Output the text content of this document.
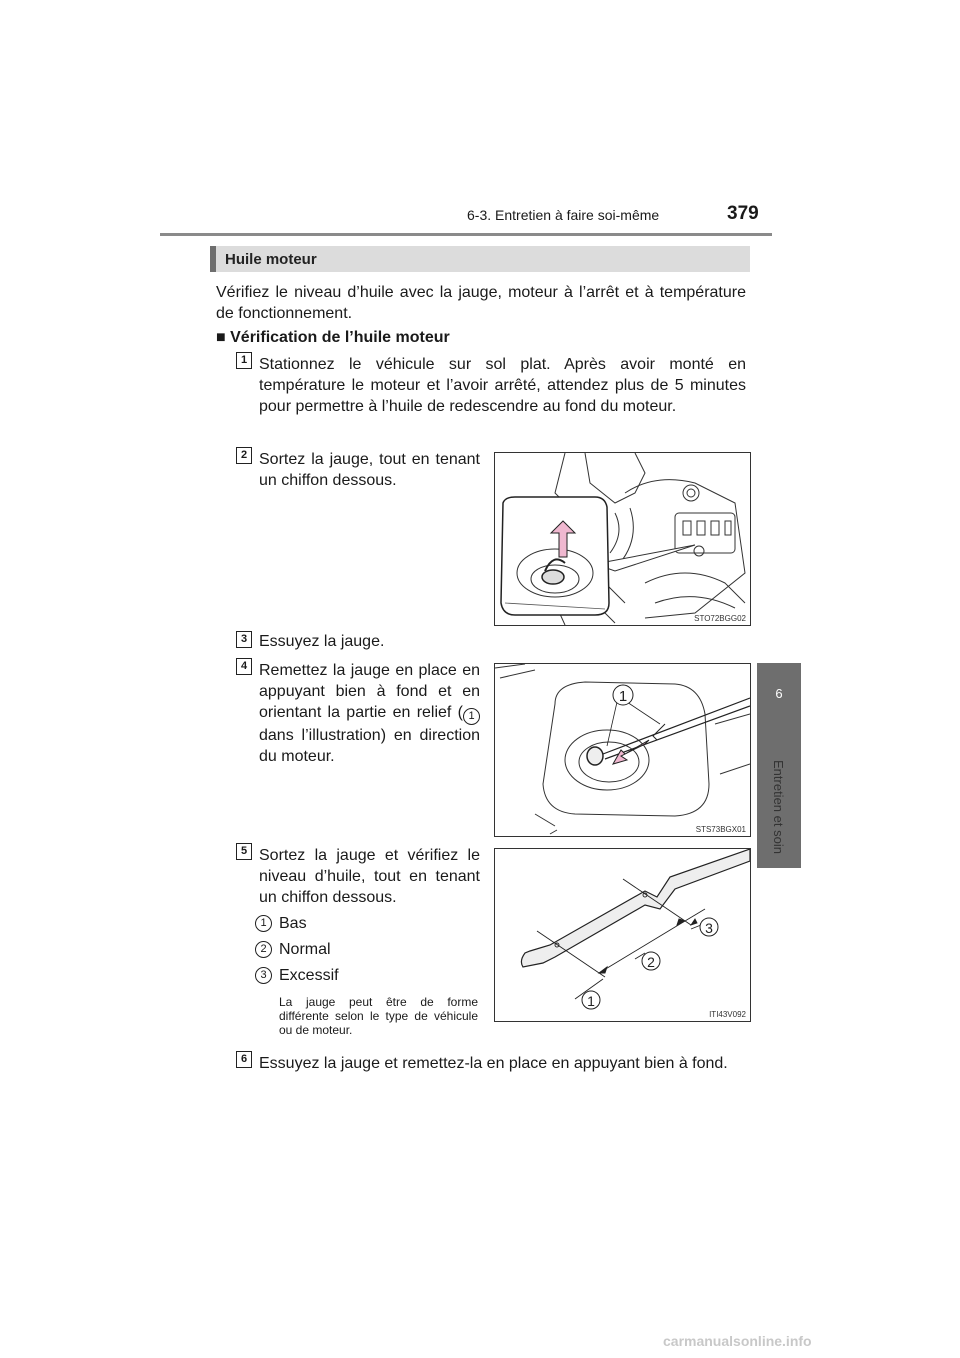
6-3. Entretien à faire soi-même	379
6
Entretien et soin
Huile moteur
Vérifiez le niveau d’huile avec la jauge, moteur à l’arrêt et à température de fonctionnement.
■ Vérification de l’huile moteur
1 Stationnez le véhicule sur sol plat. Après avoir monté en température le moteur et l’avoir arrêté, attendez plus de 5 minutes pour permettre à l’huile de redescendre au fond du moteur.
2 Sortez la jauge, tout en tenant un chiffon dessous.
STO72BGG02
3 Essuyez la jauge.
4 Remettez la jauge en place en appuyant bien à fond et en orientant la partie en relief ( 1 dans l’illustration) en direction du moteur.
1
STS73BGX01
5 Sortez la jauge et vérifiez le niveau d’huile, tout en tenant un chiffon dessous.
1 Bas
2 Normal
3 Excessif
La jauge peut être de forme différente selon le type de véhicule ou de moteur.
3
2
1
ITI43V092
6 Essuyez la jauge et remettez-la en place en appuyant bien à fond.
carmanualsonline.info
